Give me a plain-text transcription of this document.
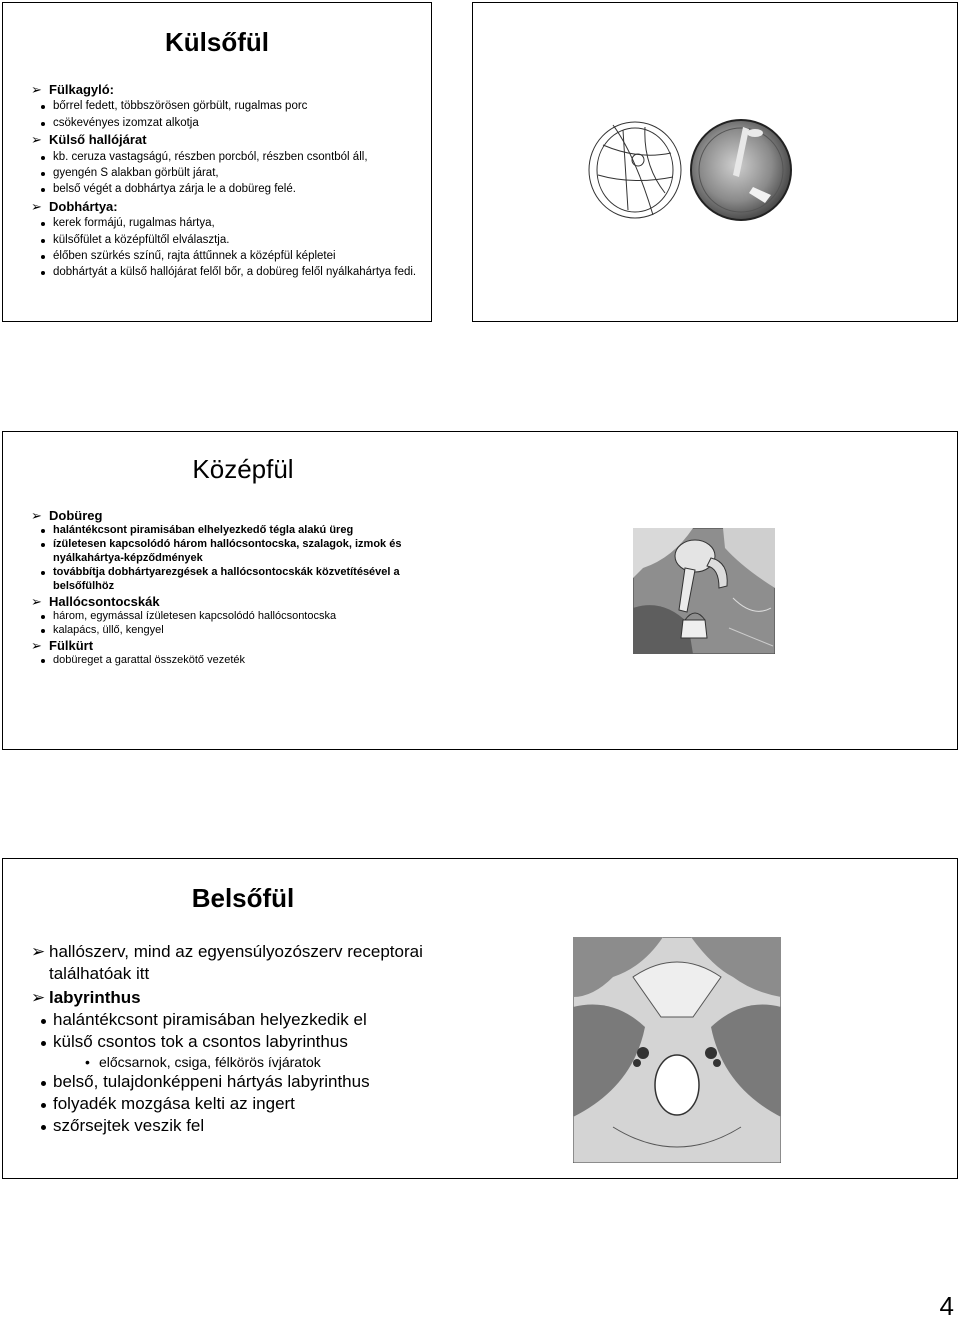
Külsőfül
➢ Fülkagyló:
bőrrel fedett, többszörösen görbült, rugalmas porc
csökevényes izomzat alkotja
➢ Külső hallójárat
kb. ceruza vastagságú, részben porcból, részben csontból áll,
gyengén S alakban görbült járat,
belső végét a dobhártya zárja le a dobüreg felé.
➢ Dobhártya:
kerek formájú, rugalmas hártya,
külsőfület a középfültől elválasztja.
élőben szürkés színű, rajta áttűnnek a középfül képletei
dobhártyát a külső hallójárat felől bőr, a dobüreg felől nyálkahártya fedi.
Középfül
➢ Dobüreg
halántékcsont piramisában elhelyezkedő tégla alakú üreg
ízületesen kapcsolódó három hallócsontocska, szalagok, izmok és nyálkahártya-képződmények
továbbítja dobhártyarezgések a hallócsontocskák közvetítésével a belsőfülhöz
➢ Hallócsontocskák
három, egymással ízületesen kapcsolódó hallócsontocska
kalapács, üllő, kengyel
➢ Fülkürt
dobüreget a garattal összekötő vezeték
Belsőfül
➢ hallószerv, mind az egyensúlyozószerv receptorai találhatóak itt
➢ labyrinthus
halántékcsont piramisában helyezkedik el
külső csontos tok a csontos labyrinthus
• előcsarnok, csiga, félkörös ívjáratok
belső, tulajdonképpeni hártyás labyrinthus
folyadék mozgása kelti az ingert
szőrsejtek veszik fel
4
